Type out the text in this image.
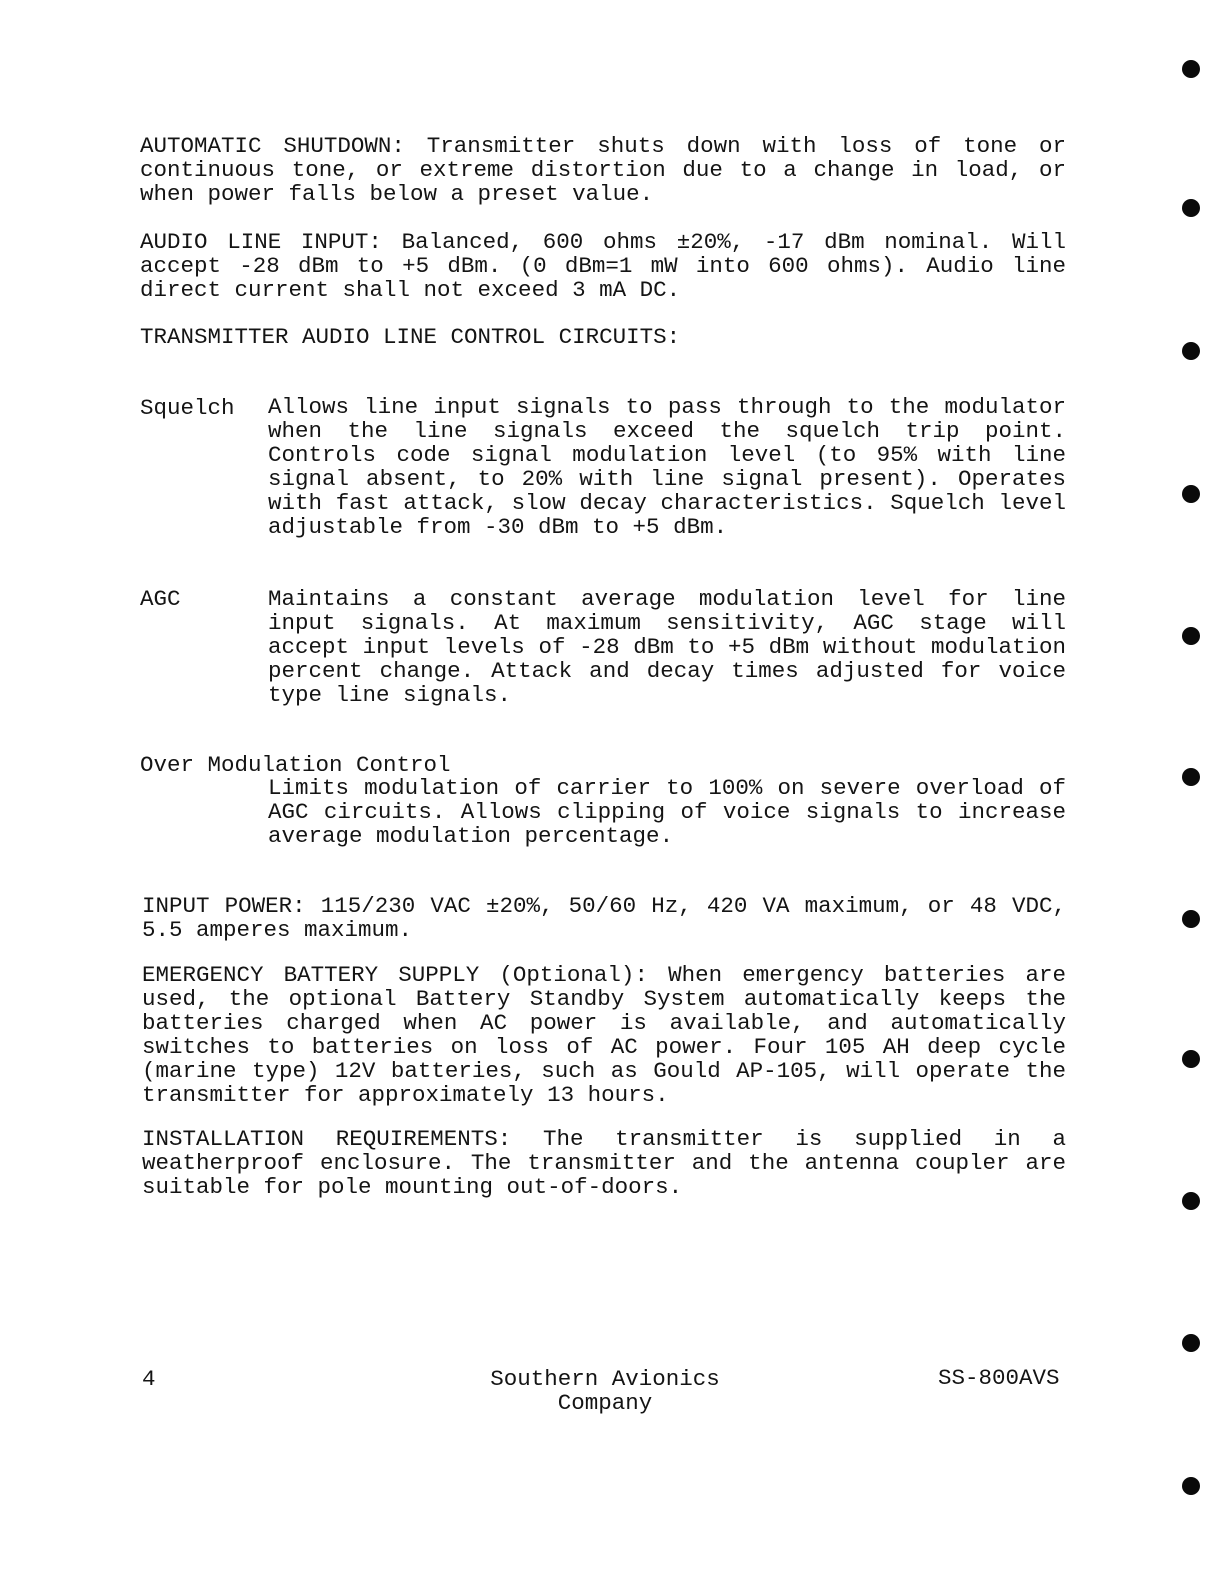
AUTOMATIC SHUTDOWN: Transmitter shuts down with loss of tone or continuous tone, or extreme distortion due to a change in load, or when power falls below a preset value.

AUDIO LINE INPUT: Balanced, 600 ohms ±20%, -17 dBm nominal. Will accept -28 dBm to +5 dBm. (0 dBm=1 mW into 600 ohms). Audio line direct current shall not exceed 3 mA DC.

TRANSMITTER AUDIO LINE CONTROL CIRCUITS:

Squelch Allows line input signals to pass through to the modulator when the line signals exceed the squelch trip point. Controls code signal modulation level (to 95% with line signal absent, to 20% with line signal present). Operates with fast attack, slow decay characteristics. Squelch level adjustable from -30 dBm to +5 dBm.

AGC	Maintains a constant average modulation level for line input signals. At maximum sensitivity, AGC stage will accept input levels of -28 dBm to +5 dBm without modulation percent change. Attack and decay times adjusted for voice type line signals.

Over Modulation Control

Limits modulation of carrier to 100% on severe overload of AGC circuits. Allows clipping of voice signals to increase average modulation percentage.

INPUT POWER: 115/230 VAC ±20%, 50/60 Hz, 420 VA maximum, or 48 VDC, 5.5 amperes maximum.

EMERGENCY BATTERY SUPPLY (Optional): When emergency batteries are used, the optional Battery Standby System automatically keeps the batteries charged when AC power is available, and automatically switches to batteries on loss of AC power. Four 105 AH deep cycle (marine type) 12V batteries, such as Gould AP-105, will operate the transmitter for approximately 13 hours.

INSTALLATION REQUIREMENTS: The transmitter is supplied in a weatherproof enclosure. The transmitter and the antenna coupler are suitable for pole mounting out-of-doors.

4	Southern Avionics
Company
SS-800AVS
